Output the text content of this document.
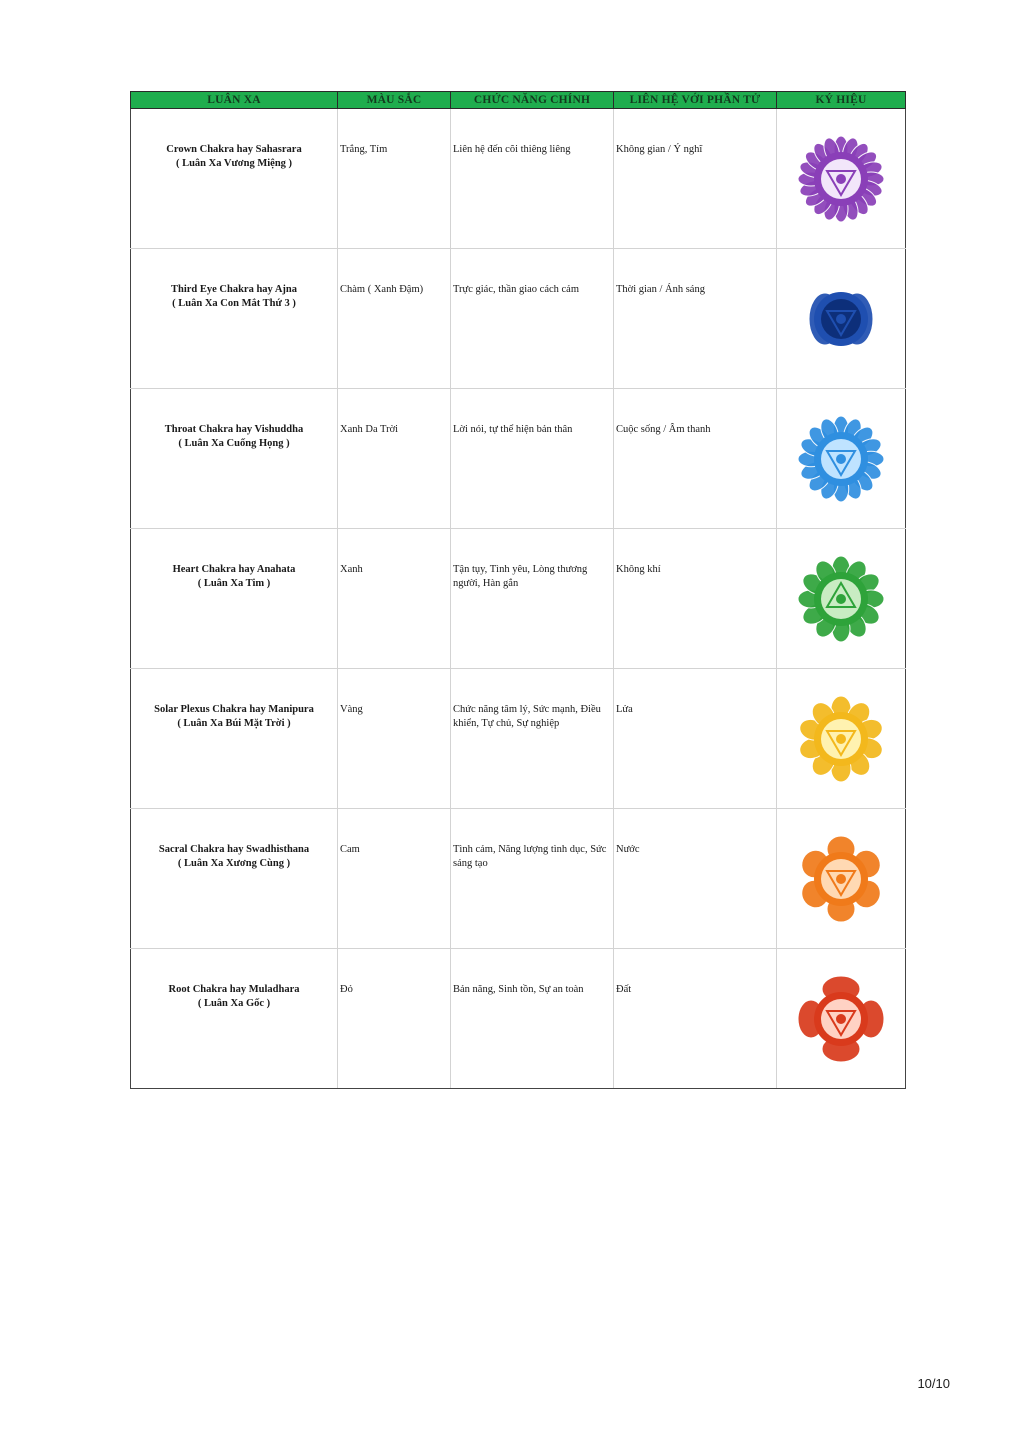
LUÂN XA	MÀU SẮC	CHỨC NĂNG CHÍNH	LIÊN HỆ VỚI PHẦN TỬ	KÝ HIỆU

Crown Chakra hay Sahasrara
( Luân Xa Vương Miệng )	Trắng, Tím	Liên hệ đến cõi thiêng liêng	Không gian / Ý nghĩ	

Third Eye Chakra hay Ajna
( Luân Xa Con Mắt Thứ 3 )	Chàm ( Xanh Đậm)	Trực giác, thần giao cách cảm	Thời gian / Ánh sáng	

Throat Chakra hay Vishuddha
( Luân Xa Cuống Họng )	Xanh Da Trời	Lời nói, tự thể hiện bản thân	Cuộc sống / Âm thanh	

Heart Chakra hay Anahata
( Luân Xa Tim )	Xanh	Tận tụy, Tình yêu, Lòng thương người, Hàn gắn	Không khí	

Solar Plexus Chakra hay Manipura
( Luân Xa Búi Mặt Trời )	Vàng	Chức năng tâm lý, Sức mạnh, Điều khiển, Tự chủ, Sự nghiệp	Lửa	

Sacral Chakra hay Swadhisthana
( Luân Xa Xương Cùng )	Cam	Tình cảm, Năng lượng tình dục, Sức sáng tạo	Nước	

Root Chakra hay Muladhara
( Luân Xa Gốc )	Đỏ	Bản năng, Sinh tồn, Sự an toàn	Đất	
10/10
